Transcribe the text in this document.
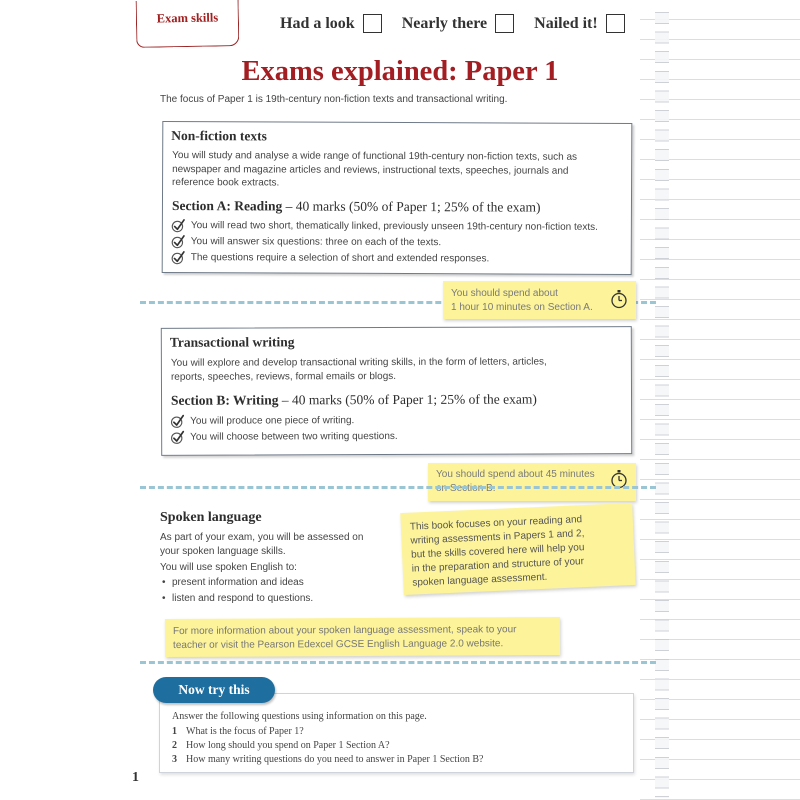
Exam skills	Had a look	Nearly there	Nailed it!
Exams explained: Paper 1
The focus of Paper 1 is 19th-century non-fiction texts and transactional writing.
Non-fiction texts
You will study and analyse a wide range of functional 19th-century non-fiction texts, such as
newspaper and magazine articles and reviews, instructional texts, speeches, journals and
reference book extracts.
Section A: Reading – 40 marks (50% of Paper 1; 25% of the exam)
You will read two short, thematically linked, previously unseen 19th-century non-fiction texts.
You will answer six questions: three on each of the texts.
The questions require a selection of short and extended responses.
You should spend about
1 hour 10 minutes on Section A.
Transactional writing
You will explore and develop transactional writing skills, in the form of letters, articles,
reports, speeches, reviews, formal emails or blogs.
Section B: Writing – 40 marks (50% of Paper 1; 25% of the exam)
You will produce one piece of writing.
You will choose between two writing questions.
You should spend about 45 minutes
on Section B.
Spoken language
As part of your exam, you will be assessed on
your spoken language skills.
You will use spoken English to:
• present information and ideas
• listen and respond to questions.
This book focuses on your reading and
writing assessments in Papers 1 and 2,
but the skills covered here will help you
in the preparation and structure of your
spoken language assessment.
For more information about your spoken language assessment, speak to your
teacher or visit the Pearson Edexcel GCSE English Language 2.0 website.
Now try this
Answer the following questions using information on this page.
1 What is the focus of Paper 1?
2 How long should you spend on Paper 1 Section A?
3 How many writing questions do you need to answer in Paper 1 Section B?
1
